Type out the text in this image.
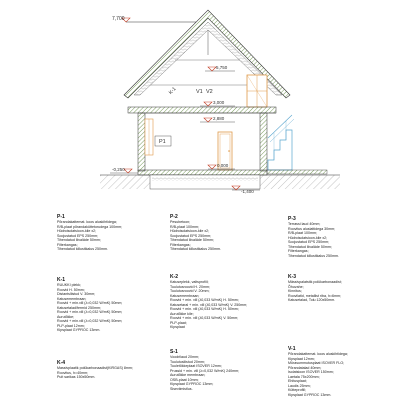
7,700
5,750
K-1	V1 V2
3,000
2,880
P1
0,000
-0,250
-1,400
P-1
Põrandakattemat. koos aluskihtidega;
R/B-plaat põrandaküttetorudega 100mm;
Hüdroisolatsioon-kile x2;
Soojustatud EPS 250mm;
Tihendatud liivaläde 50mm;
Filterkangas;
Tihendatud killustikalus 250mm.
P-2
Pesubetoon;
R/B-plaat 100mm;
Hüdroisolatsioon-kile x2;
Soojustatud EPS 250mm;
Tihendatud liivaläde 50mm;
Filterkangas;
Tihendatud killustikalus 250mm.
P-3
Terrassi laud 40mm;
Roovitus aluslattidega 30mm;
R/B-plaat 100mm;
Hüdroisolatsioon-kile x2;
Soojustatud EPS 250mm;
Tihendatud liivaläde 50mm;
Filterkangas;
Tihendatud killustikalus 250mm.
K-1
RUUKKI plekk;
Roovid H. 50mm;
Distantsliistud V. 30mm;
Katusemembraan;
Roovid + min.vill (λ=0,032 W/mK) 50mm;
Katusetalad/fermid 250mm;
Roovid + min.vill (λ=0,032 W/mK) 50mm;
Aurutõkke;
Roovid + min.vill (λ=0,032 W/mK) 50mm;
PLP-plaat 12mm;
Kipsplaat GYPROC 13mm.
K-2
Katuseplekk, valtsprofiil;
Tuulutusroovid H. 20mm;
Tuulutusroovid V. 20mm;
Katusemembraan;
Roovid + min. vill (λ0,033 W/mK) H. 50mm;
Katusetaral + min. vill (λ0,033 W/mK) V. 250mm;
Roovid + min. vill (λ0,033 W/mK) H. 50mm;
Aurutõkke kile;
Roovid + min. vill (λ0,033 W/mK) V. 50mm;
PLP-plaat;
Kipsplaat
K-3
Mässivpalatstik polükarbonaadist;
Õhuvahe;
Kinnitus;
Roovilatid, metallist riba, h=6mm;
Katusetalad, Tolu 120x50mm.
K-4
Massivplaatik polükarbonaadist(KIRGAS) 8mm;
Roovitus, h=40mm;
Puit sarikas 150x50mm.
S-1
Voodrilaud 20mm;
Tuulutusliistud 20mm;
Tuuletõkkeplaat ISOVER 12mm;
Prussid + min. vill (λ=0,032 W/mK) 240mm;
Aurutõkke membraan;
OSB-plaat 10mm;
Kipsplaat GYPROC 13mm;
Siseviimistlus.
V-1
Põrandakattemat. koos aluskihtidega;
Kipsplaat 12mm;
Mürasummutusplaat ISOVER FLO;
Põrandatalad 40mm;
Isolatsioon ISOVER 150mm;
Laetala 75x200mm;
Ehitusplaat;
Laudis 25mm;
Kütteprofiil;
Kipsplaat GYPROC 13mm.
